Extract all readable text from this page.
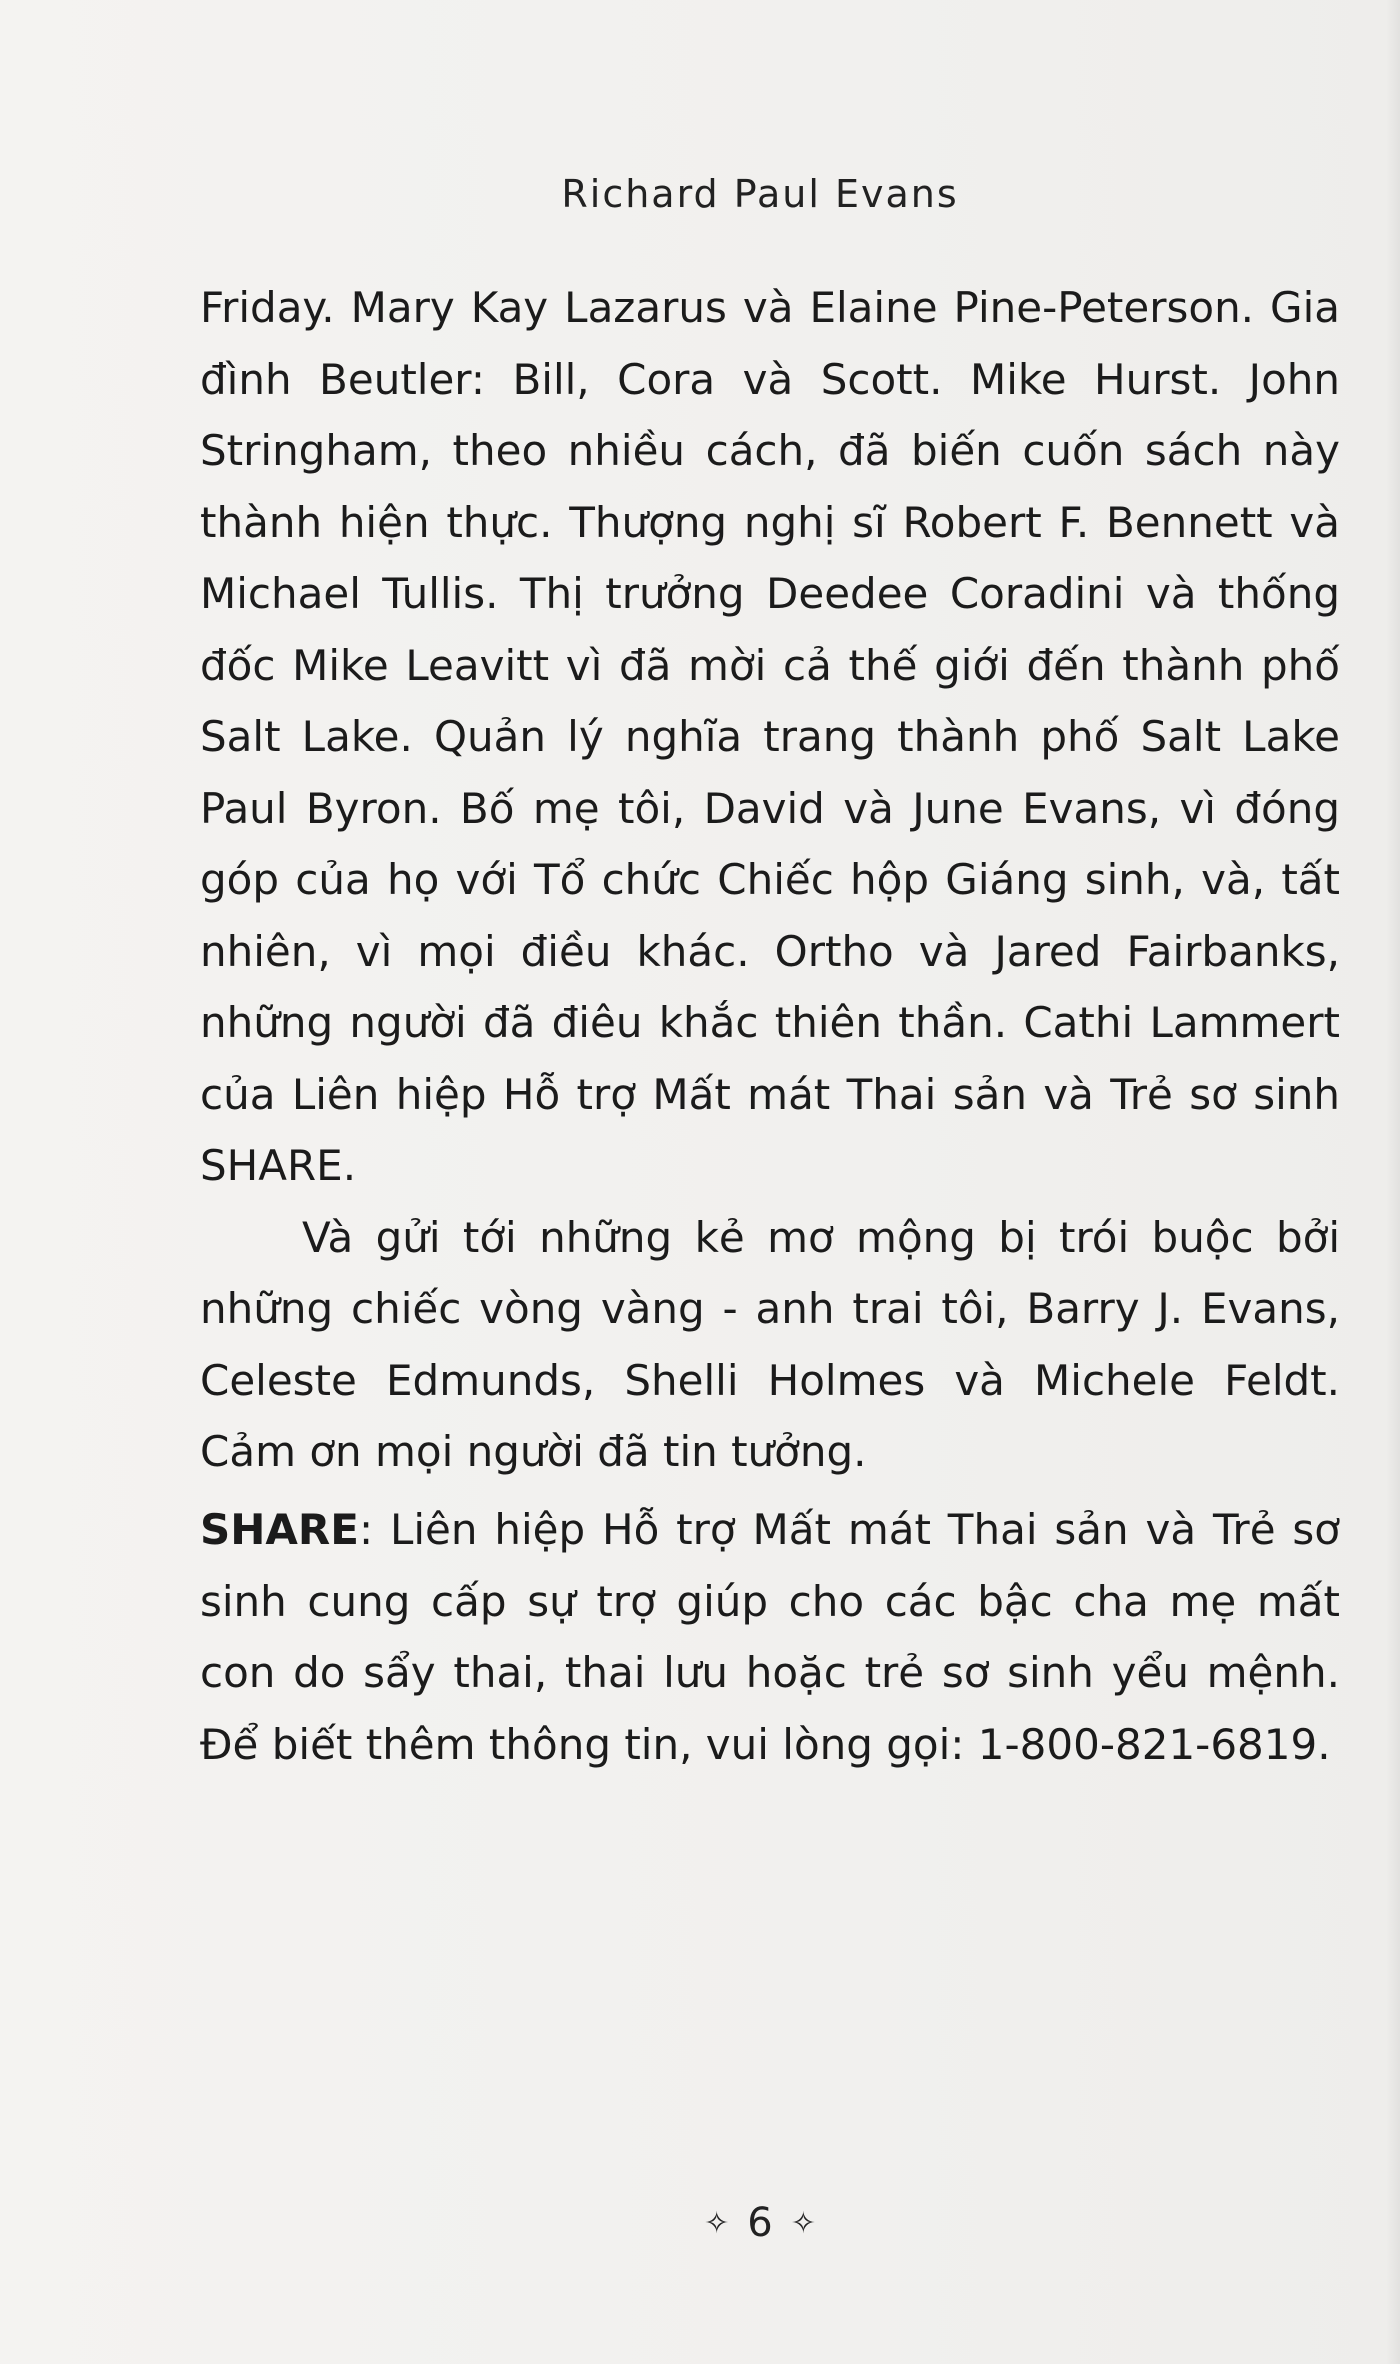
Richard Paul Evans

Friday. Mary Kay Lazarus và Elaine Pine-Peterson. Gia đình Beutler: Bill, Cora và Scott. Mike Hurst. John Stringham, theo nhiều cách, đã biến cuốn sách này thành hiện thực. Thượng nghị sĩ Robert F. Bennett và Michael Tullis. Thị trưởng Deedee Coradini và thống đốc Mike Leavitt vì đã mời cả thế giới đến thành phố Salt Lake. Quản lý nghĩa trang thành phố Salt Lake Paul Byron. Bố mẹ tôi, David và June Evans, vì đóng góp của họ với Tổ chức Chiếc hộp Giáng sinh, và, tất nhiên, vì mọi điều khác. Ortho và Jared Fairbanks, những người đã điêu khắc thiên thần. Cathi Lammert của Liên hiệp Hỗ trợ Mất mát Thai sản và Trẻ sơ sinh SHARE.

Và gửi tới những kẻ mơ mộng bị trói buộc bởi những chiếc vòng vàng - anh trai tôi, Barry J. Evans, Celeste Edmunds, Shelli Holmes và Michele Feldt. Cảm ơn mọi người đã tin tưởng.

SHARE: Liên hiệp Hỗ trợ Mất mát Thai sản và Trẻ sơ sinh cung cấp sự trợ giúp cho các bậc cha mẹ mất con do sẩy thai, thai lưu hoặc trẻ sơ sinh yểu mệnh. Để biết thêm thông tin, vui lòng gọi: 1-800-821-6819.

✧ 6 ✧
